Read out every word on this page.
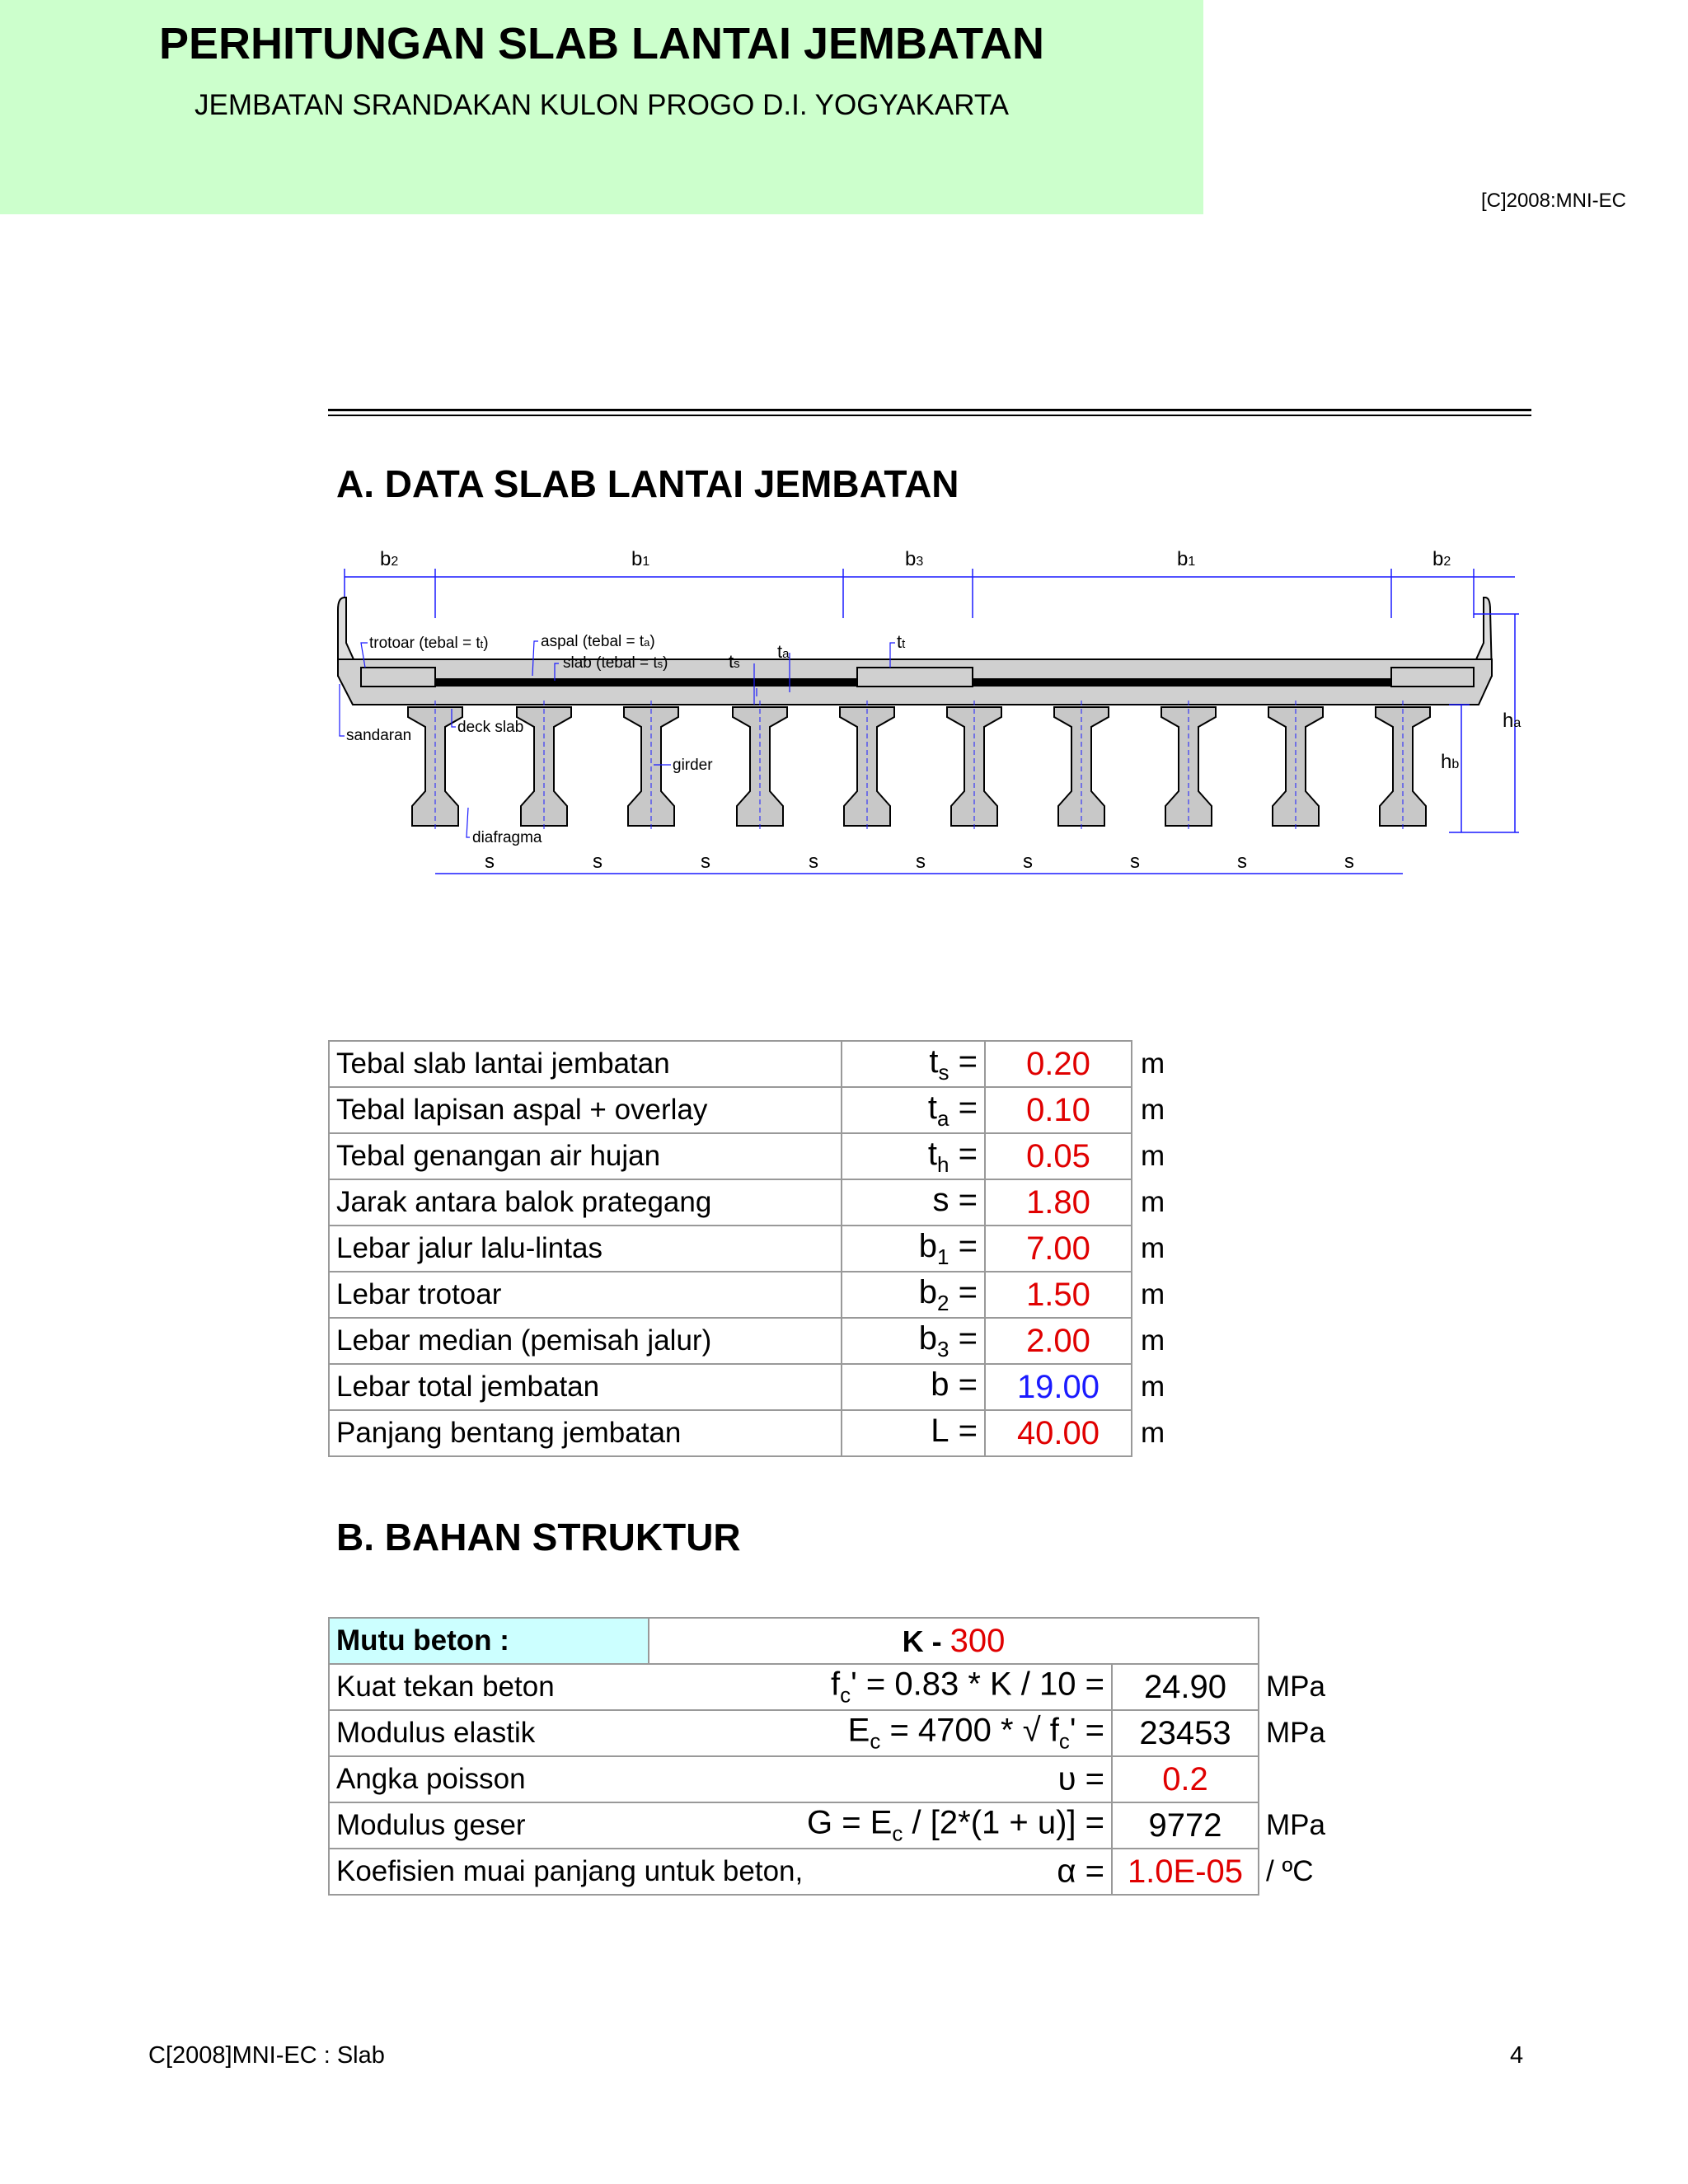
PERHITUNGAN SLAB LANTAI JEMBATAN
JEMBATAN SRANDAKAN KULON PROGO D.I. YOGYAKARTA
[C]2008:MNI-EC
A. DATA SLAB LANTAI JEMBATAN
b2	b1	b3	b1	b2
ha
hb
trotoar (tebal = tt)	aspal (tebal = ta)
slab (tebal = ts)	ts
ta
tt
sandaran	deck slab
girder
diafragma
s	s	s	s	s	s	s	s	s
Tebal slab lantai jembatan	$t_s$ =	0.20	m
Tebal lapisan aspal + overlay	$t_a$ =	0.10	m
Tebal genangan air hujan	$t_h$ =	0.05	m
Jarak antara balok prategang	s =	1.80	m
Lebar jalur lalu-lintas	$b_1$ =	7.00	m
Lebar trotoar	$b_2$ =	1.50	m
Lebar median (pemisah jalur)	$b_3$ =	2.00	m
Lebar total jembatan	b =	19.00	m
Panjang bentang jembatan	L =	40.00	m
B. BAHAN STRUKTUR
Mutu beton :	K - 300		
Kuat tekan beton $f_c' = 0.83 * K / 10$ =		24.90	MPa
Modulus elastik $E_c = 4700$ * √ $f_c'$ =		23453	MPa
Angka poisson υ =		0.2	
Modulus geser $G = E_c / [2*(1 + u)]$ =		9772	MPa
Koefisien muai panjang untuk beton, α =		1.0E-05	/ ºC
C[2008]MNI-EC : Slab	4
